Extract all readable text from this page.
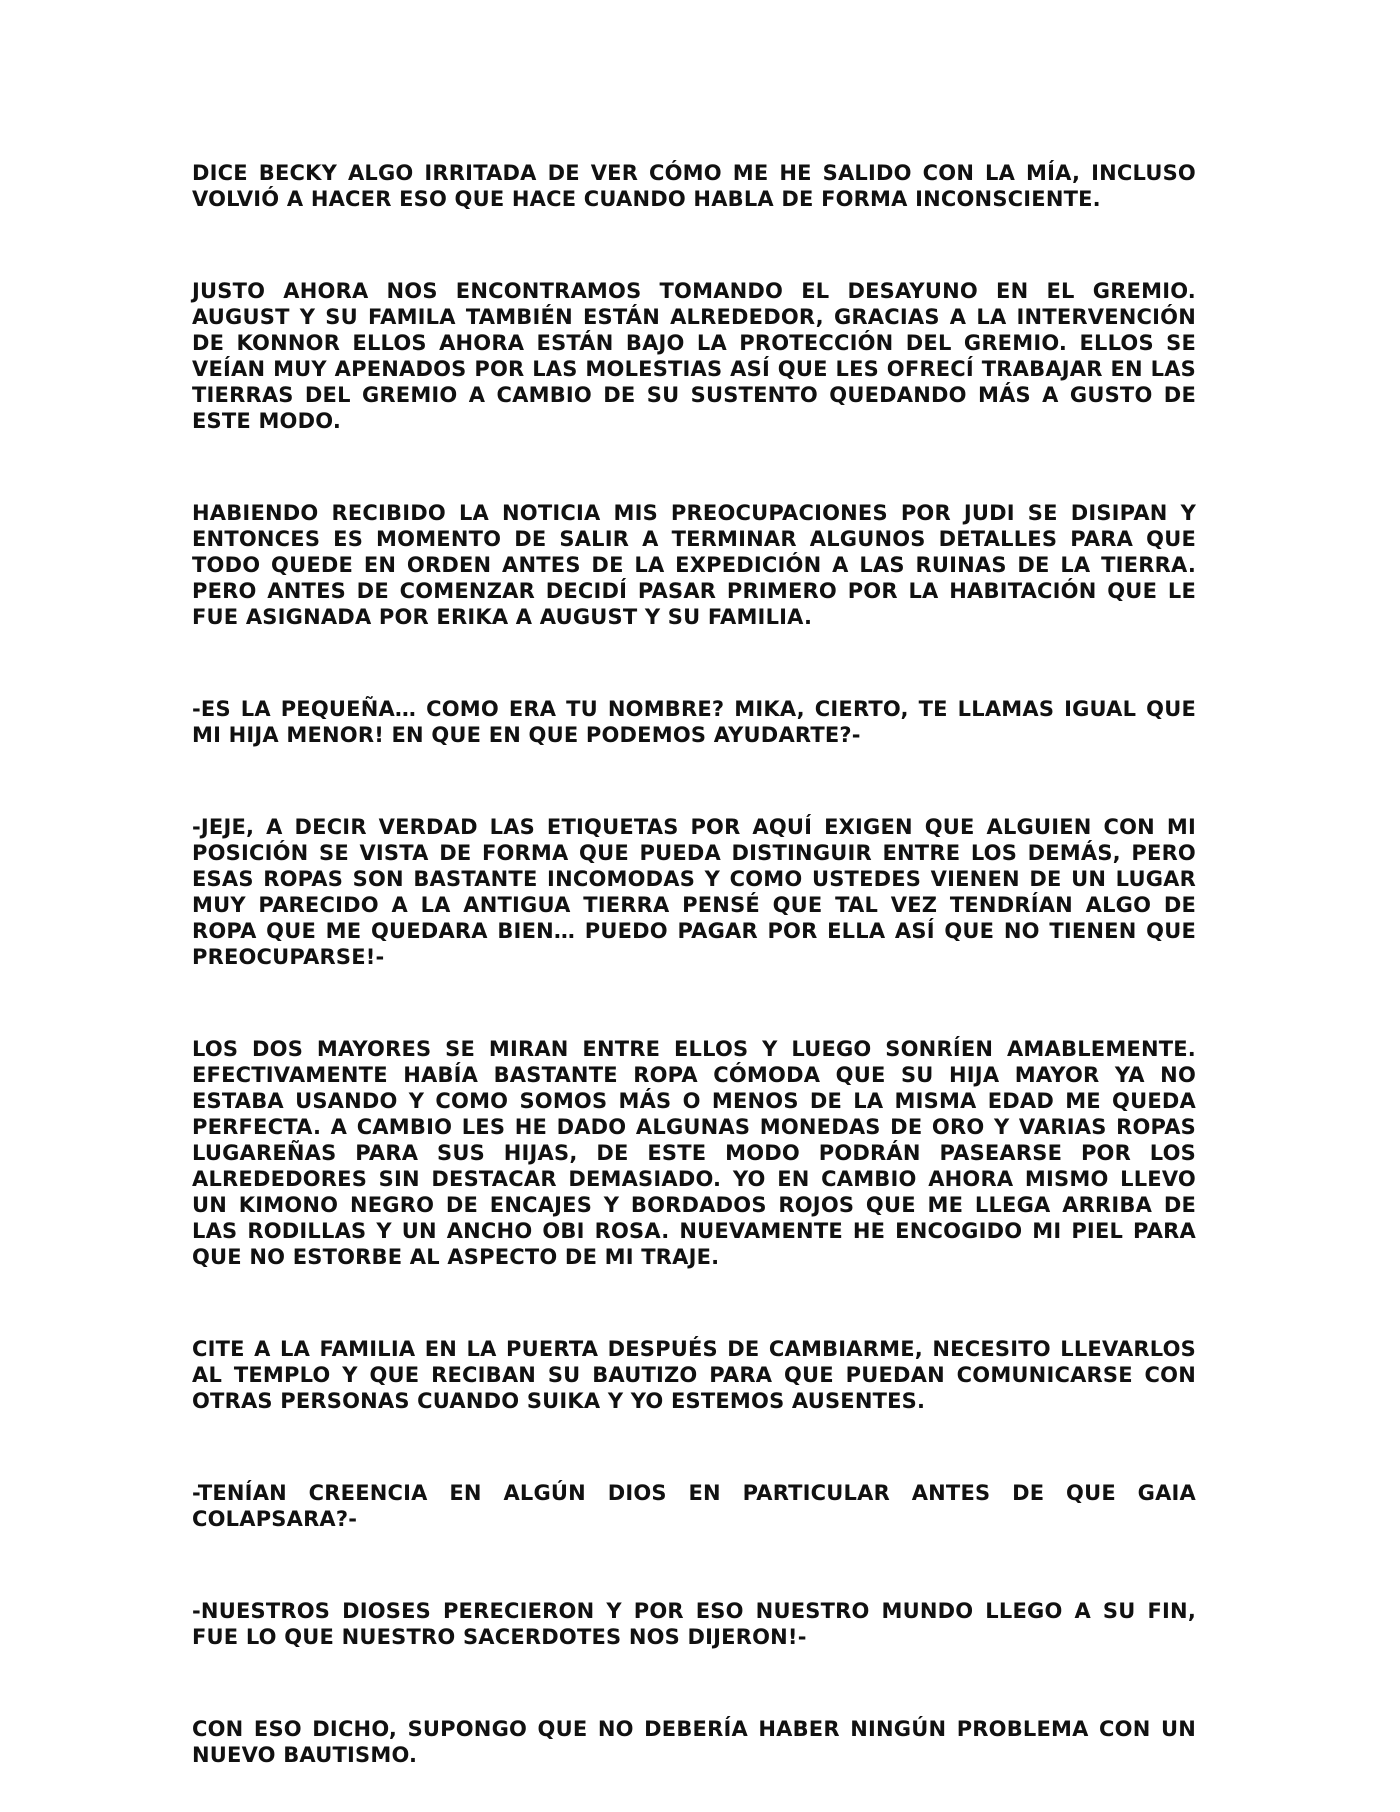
DICE BECKY ALGO IRRITADA DE VER CÓMO ME HE SALIDO CON LA MÍA, INCLUSO VOLVIÓ A HACER ESO QUE HACE CUANDO HABLA DE FORMA INCONSCIENTE.

JUSTO AHORA NOS ENCONTRAMOS TOMANDO EL DESAYUNO EN EL GREMIO. AUGUST Y SU FAMILA TAMBIÉN ESTÁN ALREDEDOR, GRACIAS A LA INTERVENCIÓN DE KONNOR ELLOS AHORA ESTÁN BAJO LA PROTECCIÓN DEL GREMIO. ELLOS SE VEÍAN MUY APENADOS POR LAS MOLESTIAS ASÍ QUE LES OFRECÍ TRABAJAR EN LAS TIERRAS DEL GREMIO A CAMBIO DE SU SUSTENTO QUEDANDO MÁS A GUSTO DE ESTE MODO.

HABIENDO RECIBIDO LA NOTICIA MIS PREOCUPACIONES POR JUDI SE DISIPAN Y ENTONCES ES MOMENTO DE SALIR A TERMINAR ALGUNOS DETALLES PARA QUE TODO QUEDE EN ORDEN ANTES DE LA EXPEDICIÓN A LAS RUINAS DE LA TIERRA. PERO ANTES DE COMENZAR DECIDÍ PASAR PRIMERO POR LA HABITACIÓN QUE LE FUE ASIGNADA POR ERIKA A AUGUST Y SU FAMILIA.

-ES LA PEQUEÑA… COMO ERA TU NOMBRE? MIKA, CIERTO, TE LLAMAS IGUAL QUE MI HIJA MENOR! EN QUE EN QUE PODEMOS AYUDARTE?-

-JEJE, A DECIR VERDAD LAS ETIQUETAS POR AQUÍ EXIGEN QUE ALGUIEN CON MI POSICIÓN SE VISTA DE FORMA QUE PUEDA DISTINGUIR ENTRE LOS DEMÁS, PERO ESAS ROPAS SON BASTANTE INCOMODAS Y COMO USTEDES VIENEN DE UN LUGAR MUY PARECIDO A LA ANTIGUA TIERRA PENSÉ QUE TAL VEZ TENDRÍAN ALGO DE ROPA QUE ME QUEDARA BIEN… PUEDO PAGAR POR ELLA ASÍ QUE NO TIENEN QUE PREOCUPARSE!-

LOS DOS MAYORES SE MIRAN ENTRE ELLOS Y LUEGO SONRÍEN AMABLEMENTE. EFECTIVAMENTE HABÍA BASTANTE ROPA CÓMODA QUE SU HIJA MAYOR YA NO ESTABA USANDO Y COMO SOMOS MÁS O MENOS DE LA MISMA EDAD ME QUEDA PERFECTA. A CAMBIO LES HE DADO ALGUNAS MONEDAS DE ORO Y VARIAS ROPAS LUGAREÑAS PARA SUS HIJAS, DE ESTE MODO PODRÁN PASEARSE POR LOS ALREDEDORES SIN DESTACAR DEMASIADO. YO EN CAMBIO AHORA MISMO LLEVO UN KIMONO NEGRO DE ENCAJES Y BORDADOS ROJOS QUE ME LLEGA ARRIBA DE LAS RODILLAS Y UN ANCHO OBI ROSA. NUEVAMENTE HE ENCOGIDO MI PIEL PARA QUE NO ESTORBE AL ASPECTO DE MI TRAJE.

CITE A LA FAMILIA EN LA PUERTA DESPUÉS DE CAMBIARME, NECESITO LLEVARLOS AL TEMPLO Y QUE RECIBAN SU BAUTIZO PARA QUE PUEDAN COMUNICARSE CON OTRAS PERSONAS CUANDO SUIKA Y YO ESTEMOS AUSENTES.

-TENÍAN CREENCIA EN ALGÚN DIOS EN PARTICULAR ANTES DE QUE GAIA COLAPSARA?-

-NUESTROS DIOSES PERECIERON Y POR ESO NUESTRO MUNDO LLEGO A SU FIN, FUE LO QUE NUESTRO SACERDOTES NOS DIJERON!-

CON ESO DICHO, SUPONGO QUE NO DEBERÍA HABER NINGÚN PROBLEMA CON UN NUEVO BAUTISMO.
